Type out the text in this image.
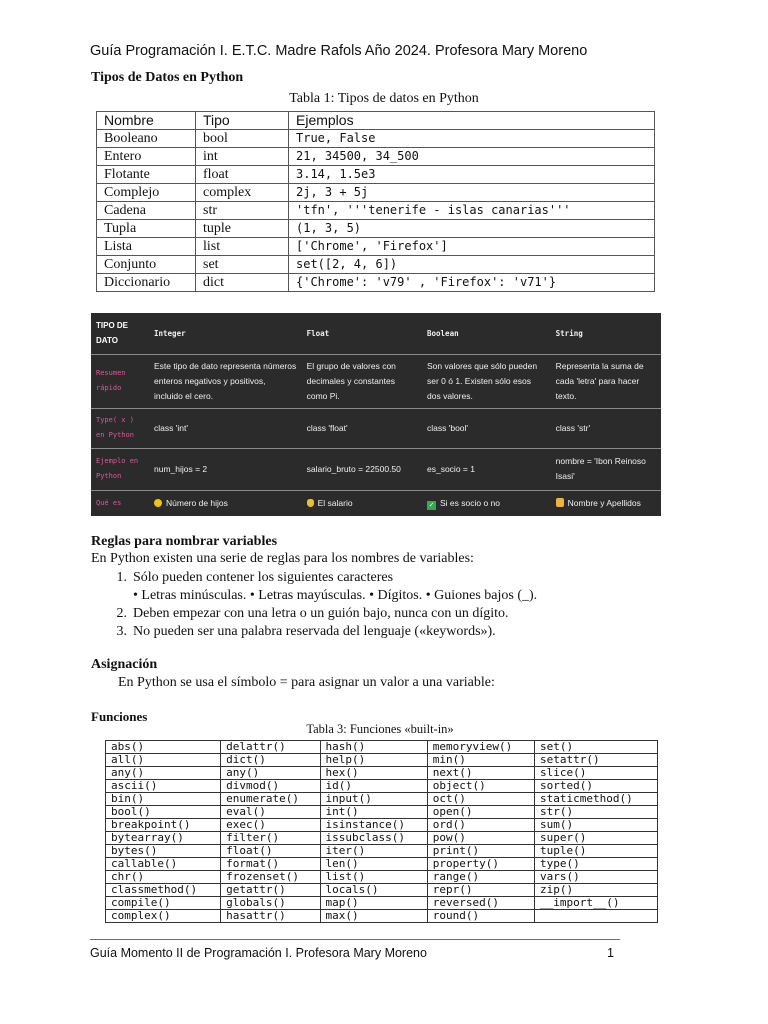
Guía Programación I. E.T.C. Madre Rafols Año 2024. Profesora Mary Moreno
Tipos de Datos en Python
Tabla 1: Tipos de datos en Python
Nombre	Tipo	Ejemplos
Booleano	bool	True, False
Entero	int	21, 34500, 34_500
Flotante	float	3.14, 1.5e3
Complejo	complex	2j, 3 + 5j
Cadena	str	'tfn', '''tenerife - islas canarias'''
Tupla	tuple	(1, 3, 5)
Lista	list	['Chrome', 'Firefox']
Conjunto	set	set([2, 4, 6])
Diccionario	dict	{'Chrome': 'v79' , 'Firefox': 'v71'}
TIPO DE DATO	Integer	Float	Boolean	String
Resumen rápido	Este tipo de dato representa números enteros negativos y positivos, incluido el cero.	El grupo de valores con decimales y constantes como Pi.	Son valores que sólo pueden ser 0 ó 1. Existen sólo esos dos valores.	Representa la suma de cada 'letra' para hacer texto.
Type( x ) en Python	class 'int'	class 'float'	class 'bool'	class 'str'
Ejemplo en Python	num_hijos = 2	salario_bruto = 22500.50	es_socio = 1	nombre = 'Ibon Reinoso Isasi'
Qué es	Número de hijos	El salario	✓ Si es socio o no	Nombre y Apellidos
Reglas para nombrar variables
En Python existen una serie de reglas para los nombres de variables:
1. Sólo pueden contener los siguientes caracteres
• Letras minúsculas. • Letras mayúsculas. • Dígitos. • Guiones bajos (_).
2. Deben empezar con una letra o un guión bajo, nunca con un dígito.
3. No pueden ser una palabra reservada del lenguaje («keywords»).
Asignación
En Python se usa el símbolo = para asignar un valor a una variable:
Funciones
Tabla 3: Funciones «built-in»
abs()	delattr()	hash()	memoryview()	set()
all()	dict()	help()	min()	setattr()
any()	any()	hex()	next()	slice()
ascii()	divmod()	id()	object()	sorted()
bin()	enumerate()	input()	oct()	staticmethod()
bool()	eval()	int()	open()	str()
breakpoint()	exec()	isinstance()	ord()	sum()
bytearray()	filter()	issubclass()	pow()	super()
bytes()	float()	iter()	print()	tuple()
callable()	format()	len()	property()	type()
chr()	frozenset()	list()	range()	vars()
classmethod()	getattr()	locals()	repr()	zip()
compile()	globals()	map()	reversed()	__import__()
complex()	hasattr()	max()	round()	
Guía Momento II de Programación I. Profesora Mary Moreno	1
